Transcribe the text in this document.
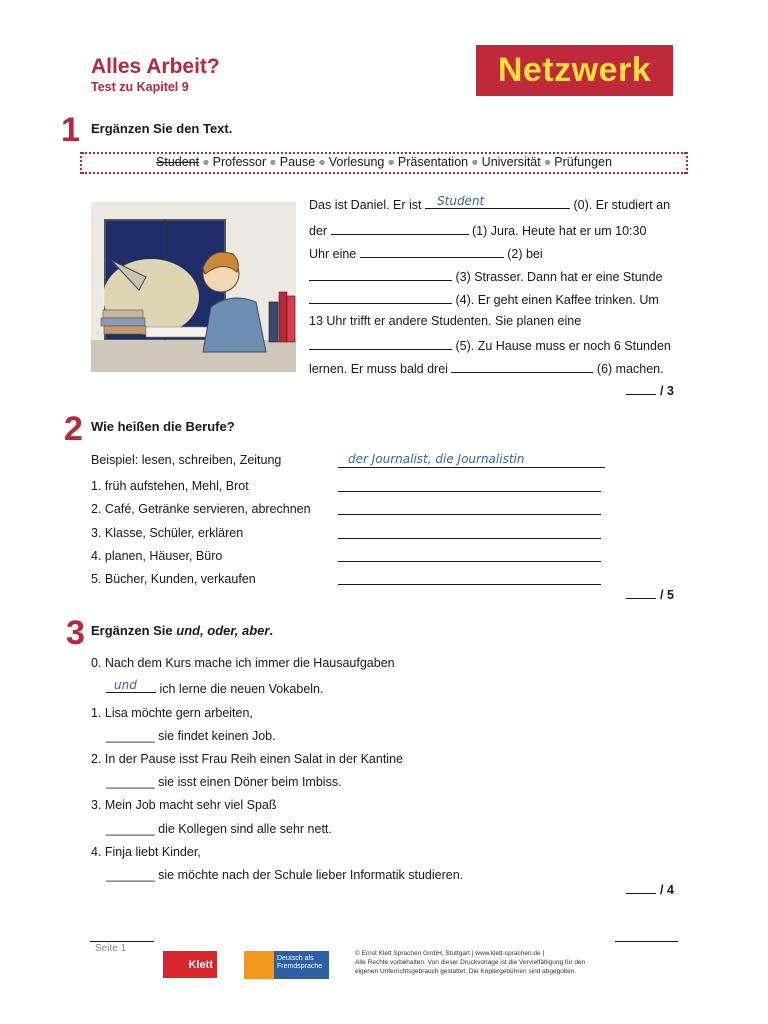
Alles Arbeit?
Test zu Kapitel 9	Netzwerk
1 Ergänzen Sie den Text.
Student ● Professor ● Pause ● Vorlesung ● Präsentation ● Universität ● Prüfungen
Das ist Daniel. Er ist Student	(0). Er studiert an
der	(1) Jura. Heute hat er um 10:30
Uhr eine	(2) bei
(3) Strasser. Dann hat er eine Stunde
(4). Er geht einen Kaffee trinken. Um
13 Uhr trifft er andere Studenten. Sie planen eine
(5). Zu Hause muss er noch 6 Stunden
lernen. Er muss bald drei	(6) machen.
/ 3
2 Wie heißen die Berufe?
Beispiel: lesen, schreiben, Zeitung	der Journalist, die Journalistin
1. früh aufstehen, Mehl, Brot
2. Café, Getränke servieren, abrechnen
3. Klasse, Schüler, erklären
4. planen, Häuser, Büro
5. Bücher, Kunden, verkaufen
/ 5
3 Ergänzen Sie und, oder, aber.
0. Nach dem Kurs mache ich immer die Hausaufgaben
und ich lerne die neuen Vokabeln.
1. Lisa möchte gern arbeiten,
_______ sie findet keinen Job.
2. In der Pause isst Frau Reih einen Salat in der Kantine
_______ sie isst einen Döner beim Imbiss.
3. Mein Job macht sehr viel Spaß
_______ die Kollegen sind alle sehr nett.
4. Finja liebt Kinder,
_______ sie möchte nach der Schule lieber Informatik studieren.
/ 4
Seite 1
Klett	Deutsch als Fremdsprache
© Ernst Klett Sprachen GmbH, Stuttgart | www.klett-sprachen.de |
Alle Rechte vorbehalten. Von dieser Druckvorlage ist die Vervielfältigung für den
eigenen Unterrichtsgebrauch gestattet. Die Kopiergebühren sind abgegolten.
